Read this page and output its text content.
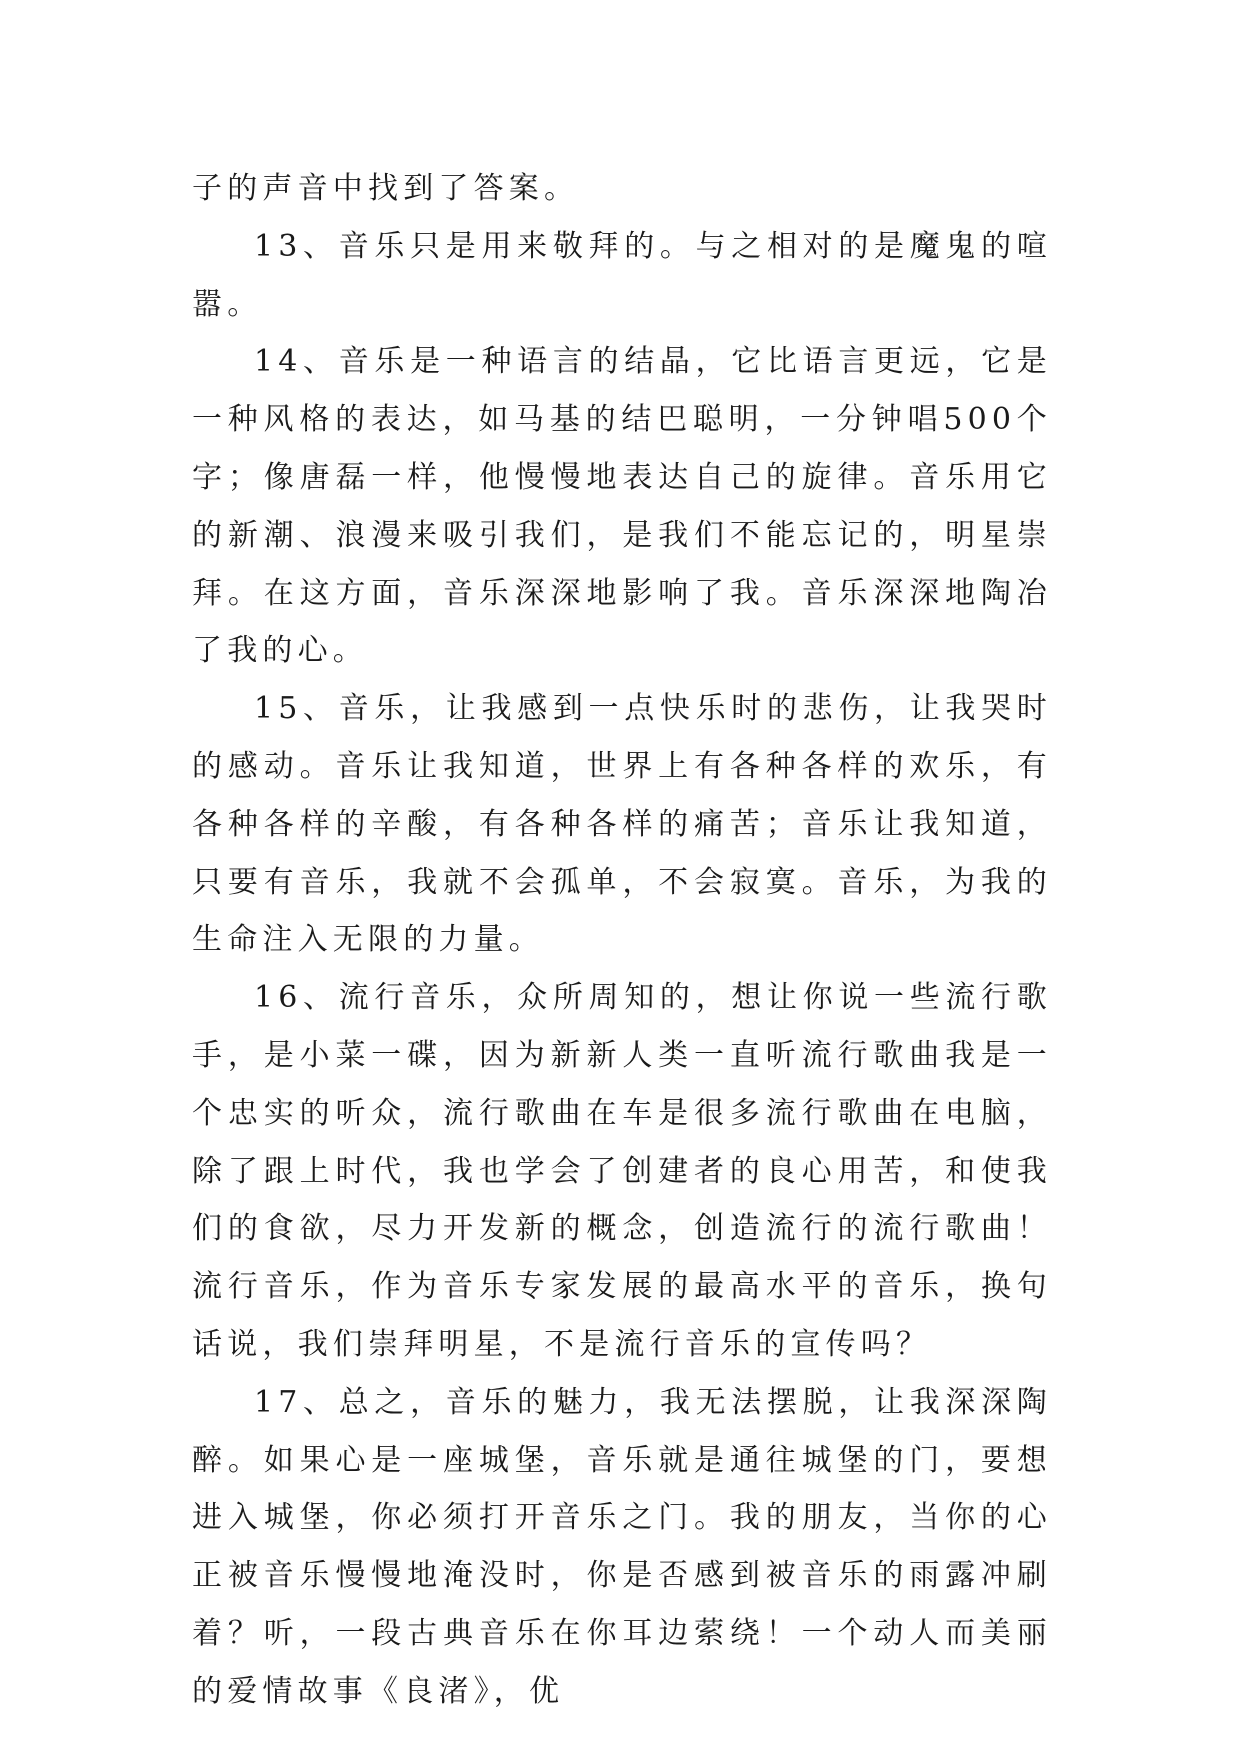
子的声音中找到了答案。

13、音乐只是用来敬拜的。与之相对的是魔鬼的喧嚣。

14、音乐是一种语言的结晶，它比语言更远，它是一种风格的表达，如马基的结巴聪明，一分钟唱500个字；像唐磊一样，他慢慢地表达自己的旋律。音乐用它的新潮、浪漫来吸引我们，是我们不能忘记的，明星崇拜。在这方面，音乐深深地影响了我。音乐深深地陶冶了我的心。

15、音乐，让我感到一点快乐时的悲伤，让我哭时的感动。音乐让我知道，世界上有各种各样的欢乐，有各种各样的辛酸，有各种各样的痛苦；音乐让我知道，只要有音乐，我就不会孤单，不会寂寞。音乐，为我的生命注入无限的力量。

16、流行音乐，众所周知的，想让你说一些流行歌手，是小菜一碟，因为新新人类一直听流行歌曲我是一个忠实的听众，流行歌曲在车是很多流行歌曲在电脑，除了跟上时代，我也学会了创建者的良心用苦，和使我们的食欲，尽力开发新的概念，创造流行的流行歌曲！流行音乐，作为音乐专家发展的最高水平的音乐，换句话说，我们崇拜明星，不是流行音乐的宣传吗？

17、总之，音乐的魅力，我无法摆脱，让我深深陶醉。如果心是一座城堡，音乐就是通往城堡的门，要想进入城堡，你必须打开音乐之门。我的朋友，当你的心正被音乐慢慢地淹没时，你是否感到被音乐的雨露冲刷着？听，一段古典音乐在你耳边萦绕！一个动人而美丽的爱情故事《良渚》，优
